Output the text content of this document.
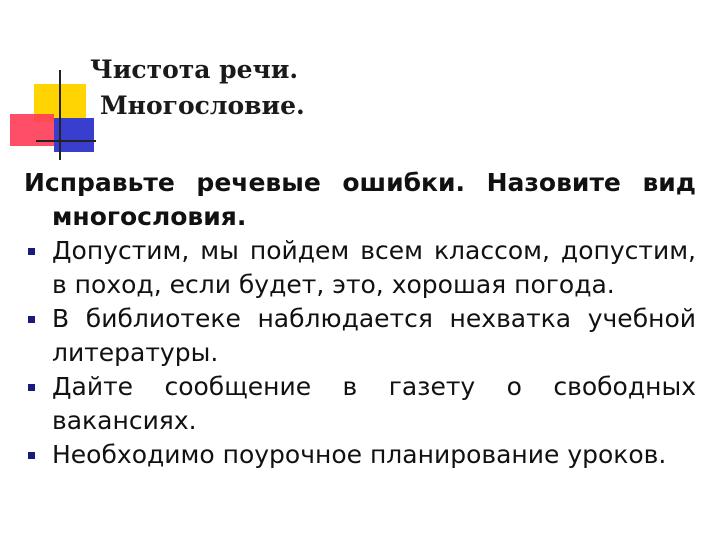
Чистота речи.
Многословие.

Исправьте речевые ошибки. Назовите вид многословия.

Допустим, мы пойдем всем классом, допустим, в поход, если будет, это, хорошая погода.
В библиотеке наблюдается нехватка учебной литературы.
Дайте сообщение в газету о свободных вакансиях.
Необходимо поурочное планирование уроков.
